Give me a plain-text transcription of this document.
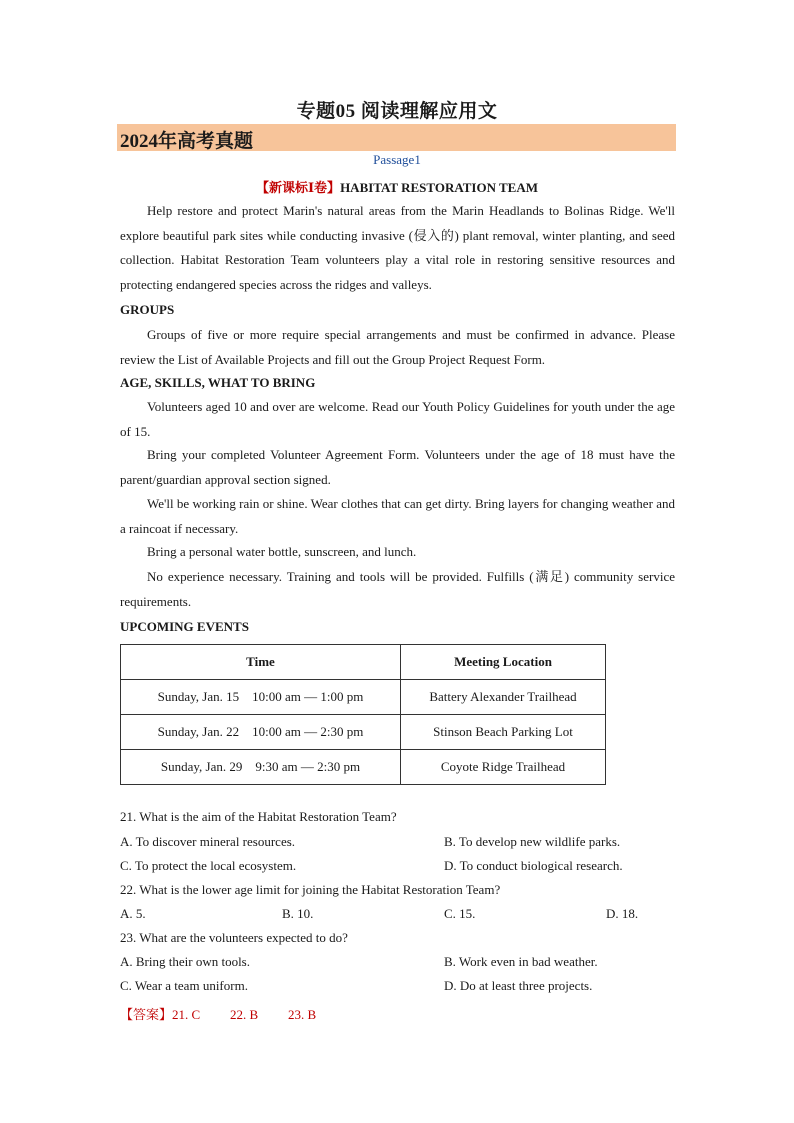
专题05 阅读理解应用文
2024年高考真题
Passage1
【新课标Ⅰ卷】HABITAT RESTORATION TEAM
Help restore and protect Marin's natural areas from the Marin Headlands to Bolinas Ridge. We'll explore beautiful park sites while conducting invasive (侵入的) plant removal, winter planting, and seed collection. Habitat Restoration Team volunteers play a vital role in restoring sensitive resources and protecting endangered species across the ridges and valleys.
GROUPS
Groups of five or more require special arrangements and must be confirmed in advance. Please review the List of Available Projects and fill out the Group Project Request Form.
AGE, SKILLS, WHAT TO BRING
Volunteers aged 10 and over are welcome. Read our Youth Policy Guidelines for youth under the age of 15.
Bring your completed Volunteer Agreement Form. Volunteers under the age of 18 must have the parent/guardian approval section signed.
We'll be working rain or shine. Wear clothes that can get dirty. Bring layers for changing weather and a raincoat if necessary.
Bring a personal water bottle, sunscreen, and lunch.
No experience necessary. Training and tools will be provided. Fulfills (满足) community service requirements.
UPCOMING EVENTS
Time	Meeting Location
Sunday, Jan. 15    10:00 am — 1:00 pm	Battery Alexander Trailhead
Sunday, Jan. 22    10:00 am — 2:30 pm	Stinson Beach Parking Lot
Sunday, Jan. 29    9:30 am — 2:30 pm	Coyote Ridge Trailhead
21. What is the aim of the Habitat Restoration Team?
A. To discover mineral resources.	B. To develop new wildlife parks.
C. To protect the local ecosystem.	D. To conduct biological research.
22. What is the lower age limit for joining the Habitat Restoration Team?
A. 5.	B. 10.	C. 15.	D. 18.
23. What are the volunteers expected to do?
A. Bring their own tools.	B. Work even in bad weather.
C. Wear a team uniform.	D. Do at least three projects.
【答案】21. C 22. B 23. B
